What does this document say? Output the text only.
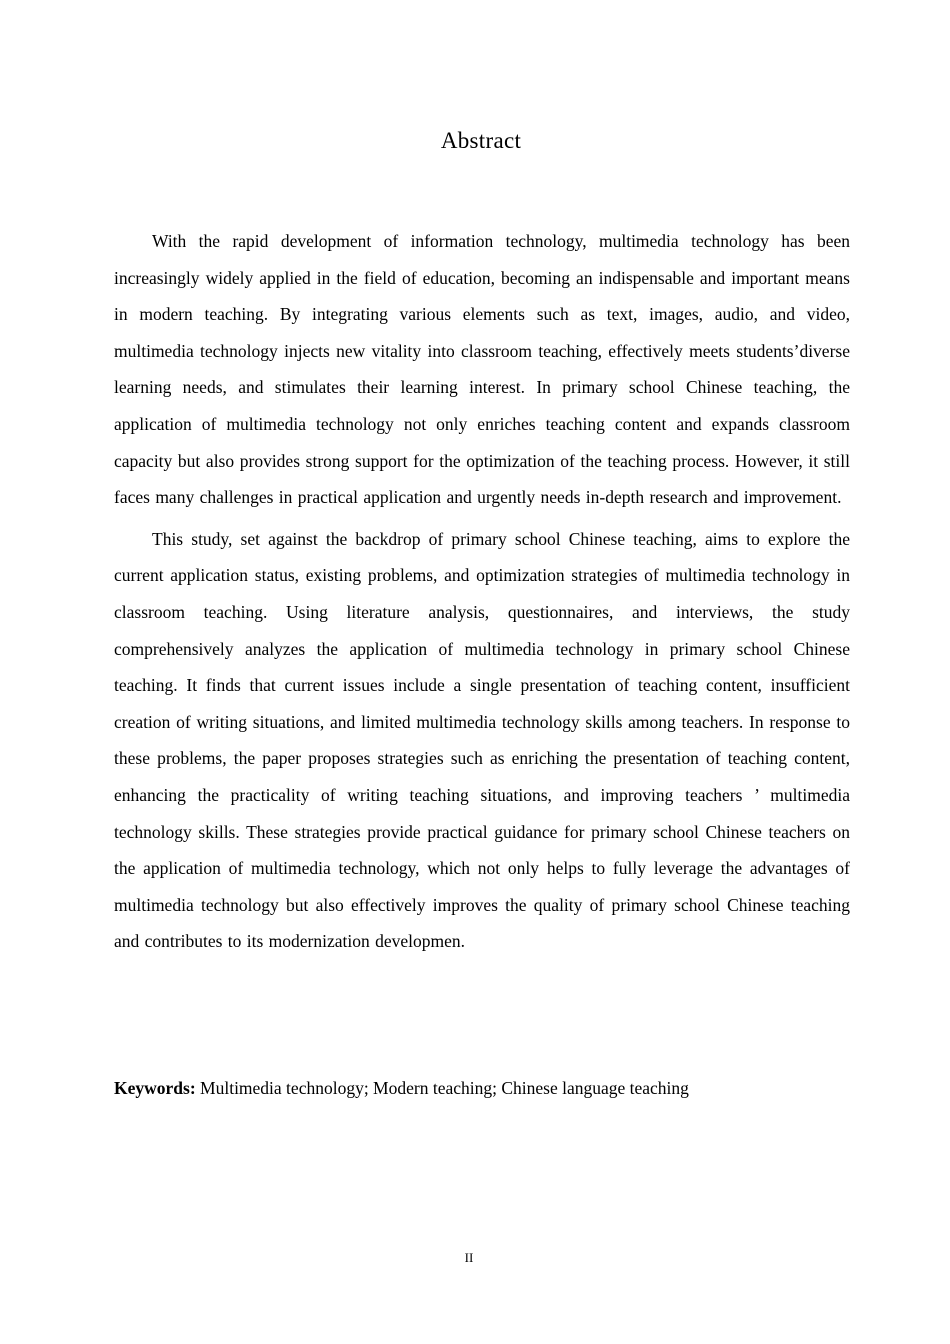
Abstract

With the rapid development of information technology, multimedia technology has been increasingly widely applied in the field of education, becoming an indispensable and important means in modern teaching. By integrating various elements such as text, images, audio, and video, multimedia technology injects new vitality into classroom teaching, effectively meets students’diverse learning needs, and stimulates their learning interest. In primary school Chinese teaching, the application of multimedia technology not only enriches teaching content and expands classroom capacity but also provides strong support for the optimization of the teaching process. However, it still faces many challenges in practical application and urgently needs in-depth research and improvement.

This study, set against the backdrop of primary school Chinese teaching, aims to explore the current application status, existing problems, and optimization strategies of multimedia technology in classroom teaching. Using literature analysis, questionnaires, and interviews, the study comprehensively analyzes the application of multimedia technology in primary school Chinese teaching. It finds that current issues include a single presentation of teaching content, insufficient creation of writing situations, and limited multimedia technology skills among teachers. In response to these problems, the paper proposes strategies such as enriching the presentation of teaching content, enhancing the practicality of writing teaching situations, and improving teachers ’ multimedia technology skills. These strategies provide practical guidance for primary school Chinese teachers on the application of multimedia technology, which not only helps to fully leverage the advantages of multimedia technology but also effectively improves the quality of primary school Chinese teaching and contributes to its modernization developmen.

Keywords: Multimedia technology; Modern teaching; Chinese language teaching
II
